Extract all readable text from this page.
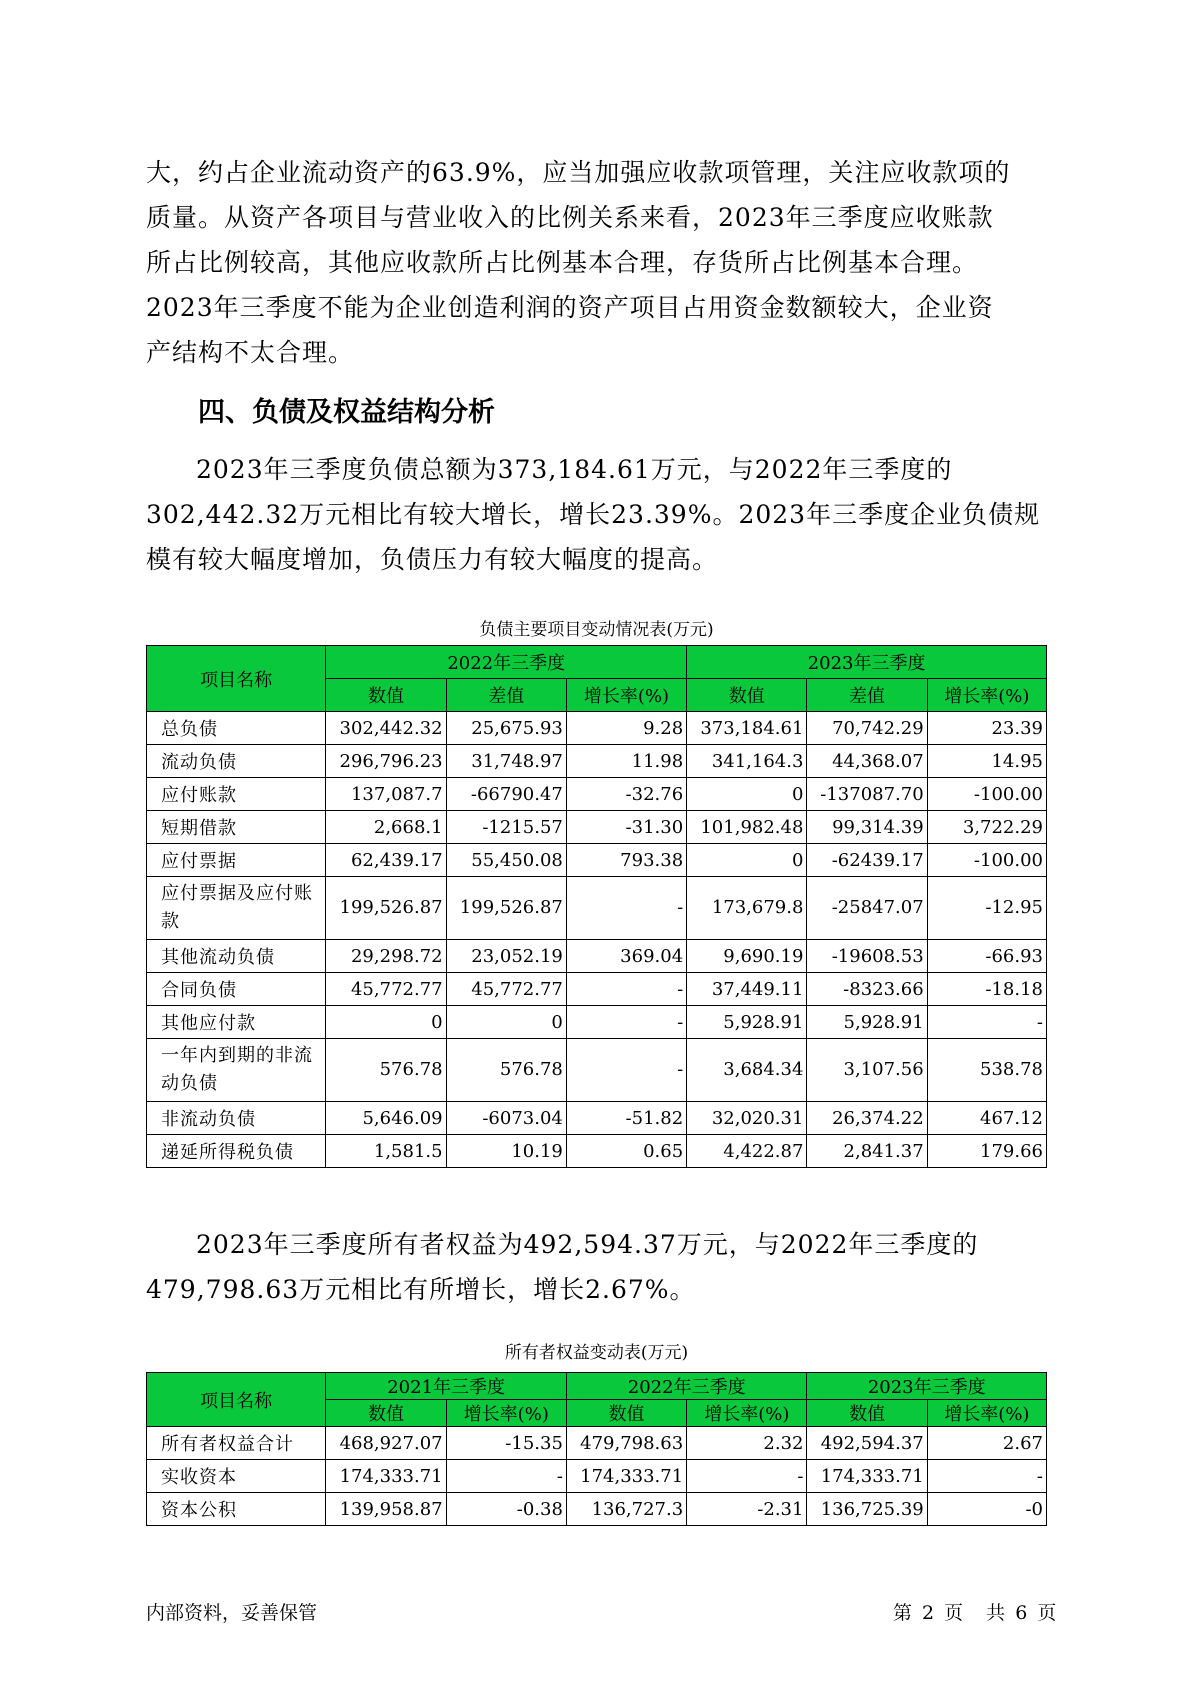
大，约占企业流动资产的63.9%，应当加强应收款项管理，关注应收款项的
质量。从资产各项目与营业收入的比例关系来看，2023年三季度应收账款
所占比例较高，其他应收款所占比例基本合理，存货所占比例基本合理。
2023年三季度不能为企业创造利润的资产项目占用资金数额较大，企业资
产结构不太合理。
四、负债及权益结构分析
2023年三季度负债总额为373,184.61万元，与2022年三季度的
302,442.32万元相比有较大增长，增长23.39%。2023年三季度企业负债规
模有较大幅度增加，负债压力有较大幅度的提高。
负债主要项目变动情况表(万元)
项目名称	2022年三季度			2023年三季度		
	数值	差值	增长率(%)	数值	差值	增长率(%)
总负债	302,442.32	25,675.93	9.28	373,184.61	70,742.29	23.39
流动负债	296,796.23	31,748.97	11.98	341,164.3	44,368.07	14.95
应付账款	137,087.7	-66790.47	-32.76	0	-137087.70	-100.00
短期借款	2,668.1	-1215.57	-31.30	101,982.48	99,314.39	3,722.29
应付票据	62,439.17	55,450.08	793.38	0	-62439.17	-100.00
应付票据及应付账款	199,526.87	199,526.87	-	173,679.8	-25847.07	-12.95
其他流动负债	29,298.72	23,052.19	369.04	9,690.19	-19608.53	-66.93
合同负债	45,772.77	45,772.77	-	37,449.11	-8323.66	-18.18
其他应付款	0	0	-	5,928.91	5,928.91	-
一年内到期的非流动负债	576.78	576.78	-	3,684.34	3,107.56	538.78
非流动负债	5,646.09	-6073.04	-51.82	32,020.31	26,374.22	467.12
递延所得税负债	1,581.5	10.19	0.65	4,422.87	2,841.37	179.66
2023年三季度所有者权益为492,594.37万元，与2022年三季度的
479,798.63万元相比有所增长，增长2.67%。
所有者权益变动表(万元)
项目名称	2021年三季度		2022年三季度		2023年三季度	
	数值	增长率(%)	数值	增长率(%)	数值	增长率(%)
所有者权益合计	468,927.07	-15.35	479,798.63	2.32	492,594.37	2.67
实收资本	174,333.71	-	174,333.71	-	174,333.71	-
资本公积	139,958.87	-0.38	136,727.3	-2.31	136,725.39	-0
内部资料，妥善保管	第 2 页　共 6 页
